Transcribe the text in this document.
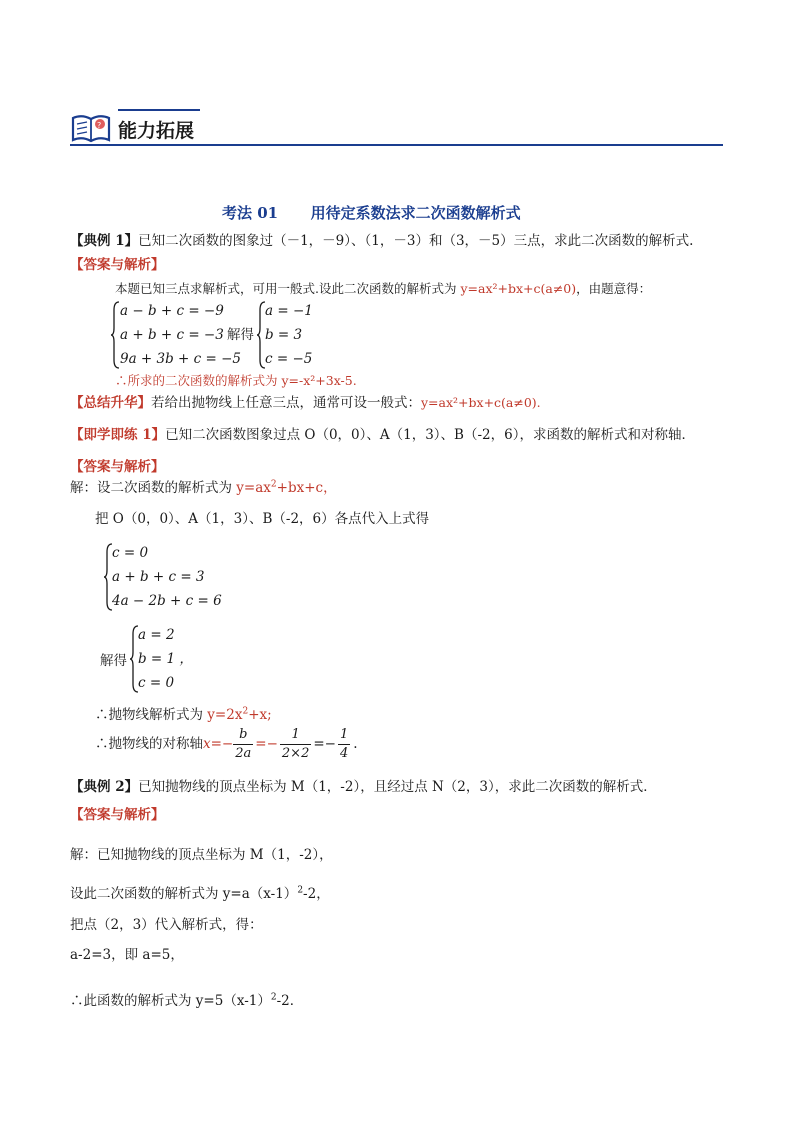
? 能力拓展
考法 01 用待定系数法求二次函数解析式
【典例 1】已知二次函数的图象过（－1，－9）、（1，－3）和（3，－5）三点，求此二次函数的解析式.
【答案与解析】
本题已知三点求解析式，可用一般式.设此二次函数的解析式为 y=ax²+bx+c(a≠0)，由题意得：
a − b + c = −9
a + b + c = −3
9a + 3b + c = −5
解得
a = −1
b = 3
c = −5
∴所求的二次函数的解析式为 y=-x²+3x-5.
【总结升华】若给出抛物线上任意三点，通常可设一般式：y=ax²+bx+c(a≠0).
【即学即练 1】已知二次函数图象过点 O（0，0）、A（1，3）、B（-2，6），求函数的解析式和对称轴．
【答案与解析】
解：设二次函数的解析式为 $y=ax^2+bx+c$，
把 O（0，0）、A（1，3）、B（-2，6）各点代入上式得
c = 0
a + b + c = 3
4a − 2b + c = 6
解得
a = 2
b = 1 ，
c = 0
∴抛物线解析式为 $y=2x^2+x$;
∴抛物线的对称轴 $x=- \frac{b}{2a} =- \frac{1}{2\times 2} =- \frac{1}{4}$ .
【典例 2】已知抛物线的顶点坐标为 M（1，-2），且经过点 N（2，3），求此二次函数的解析式．
【答案与解析】
解：已知抛物线的顶点坐标为 M（1，-2），
设此二次函数的解析式为 $y=a(x-1)^2-2$，
把点（2，3）代入解析式，得：
a-2=3，即 a=5，
∴此函数的解析式为 $y=5(x-1)^2-2$．
